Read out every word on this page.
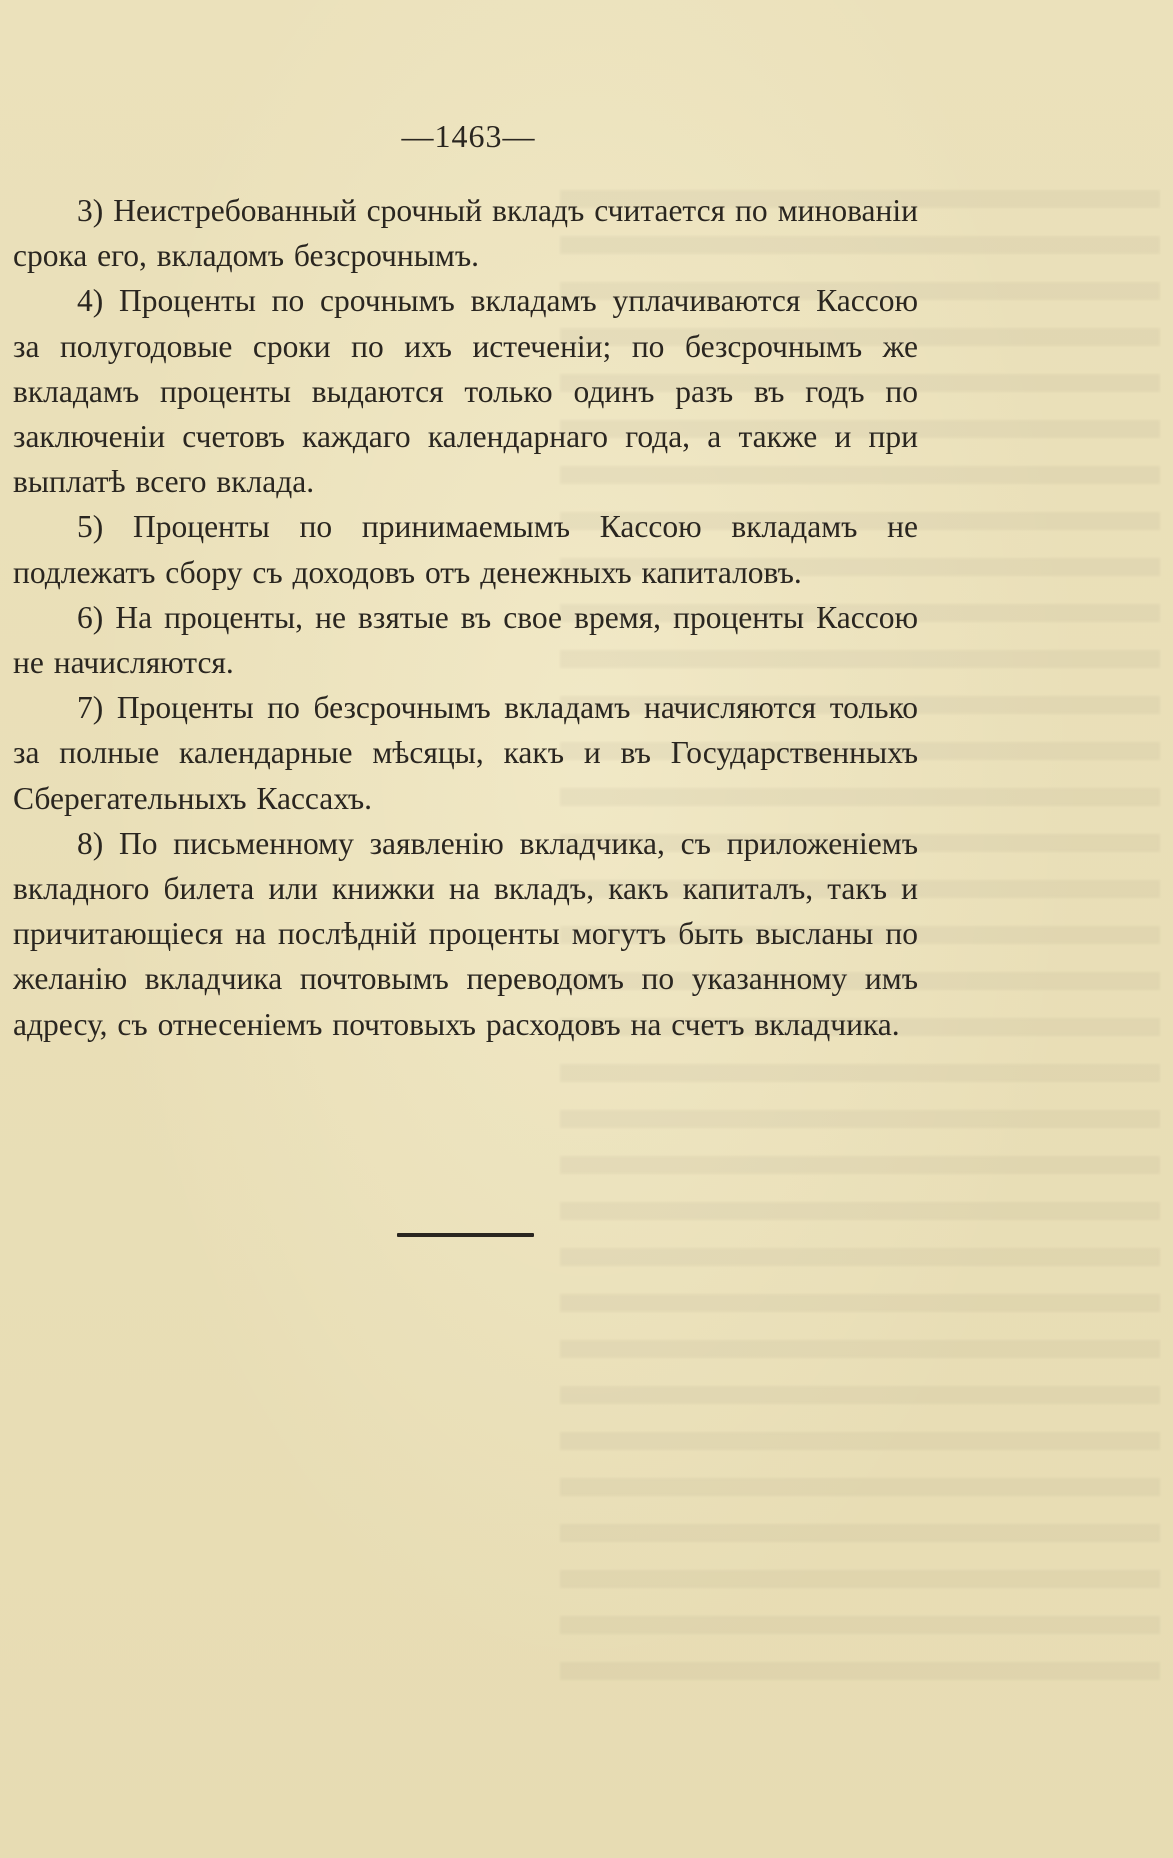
—1463—

3) Неистребованный срочный вкладъ считается по минованіи срока его, вкладомъ безсрочнымъ.

4) Проценты по срочнымъ вкладамъ уплачиваются Кассою за полугодовые сроки по ихъ истеченіи; по безсрочнымъ же вкладамъ проценты выдаются только одинъ разъ въ годъ по заключеніи счетовъ каждаго календарнаго года, а также и при выплатѣ всего вклада.

5) Проценты по принимаемымъ Кассою вкладамъ не подлежатъ сбору съ доходовъ отъ денежныхъ капиталовъ.

6) На проценты, не взятые въ свое время, проценты Кассою не начисляются.

7) Проценты по безсрочнымъ вкладамъ начисляются только за полные календарные мѣсяцы, какъ и въ Государственныхъ Сберегательныхъ Кассахъ.

8) По письменному заявленію вкладчика, съ приложеніемъ вкладного билета или книжки на вкладъ, какъ капиталъ, такъ и причитающіеся на послѣдній проценты могутъ быть высланы по желанію вкладчика почтовымъ переводомъ по указанному имъ адресу, съ отнесеніемъ почтовыхъ расходовъ на счетъ вкладчика.
